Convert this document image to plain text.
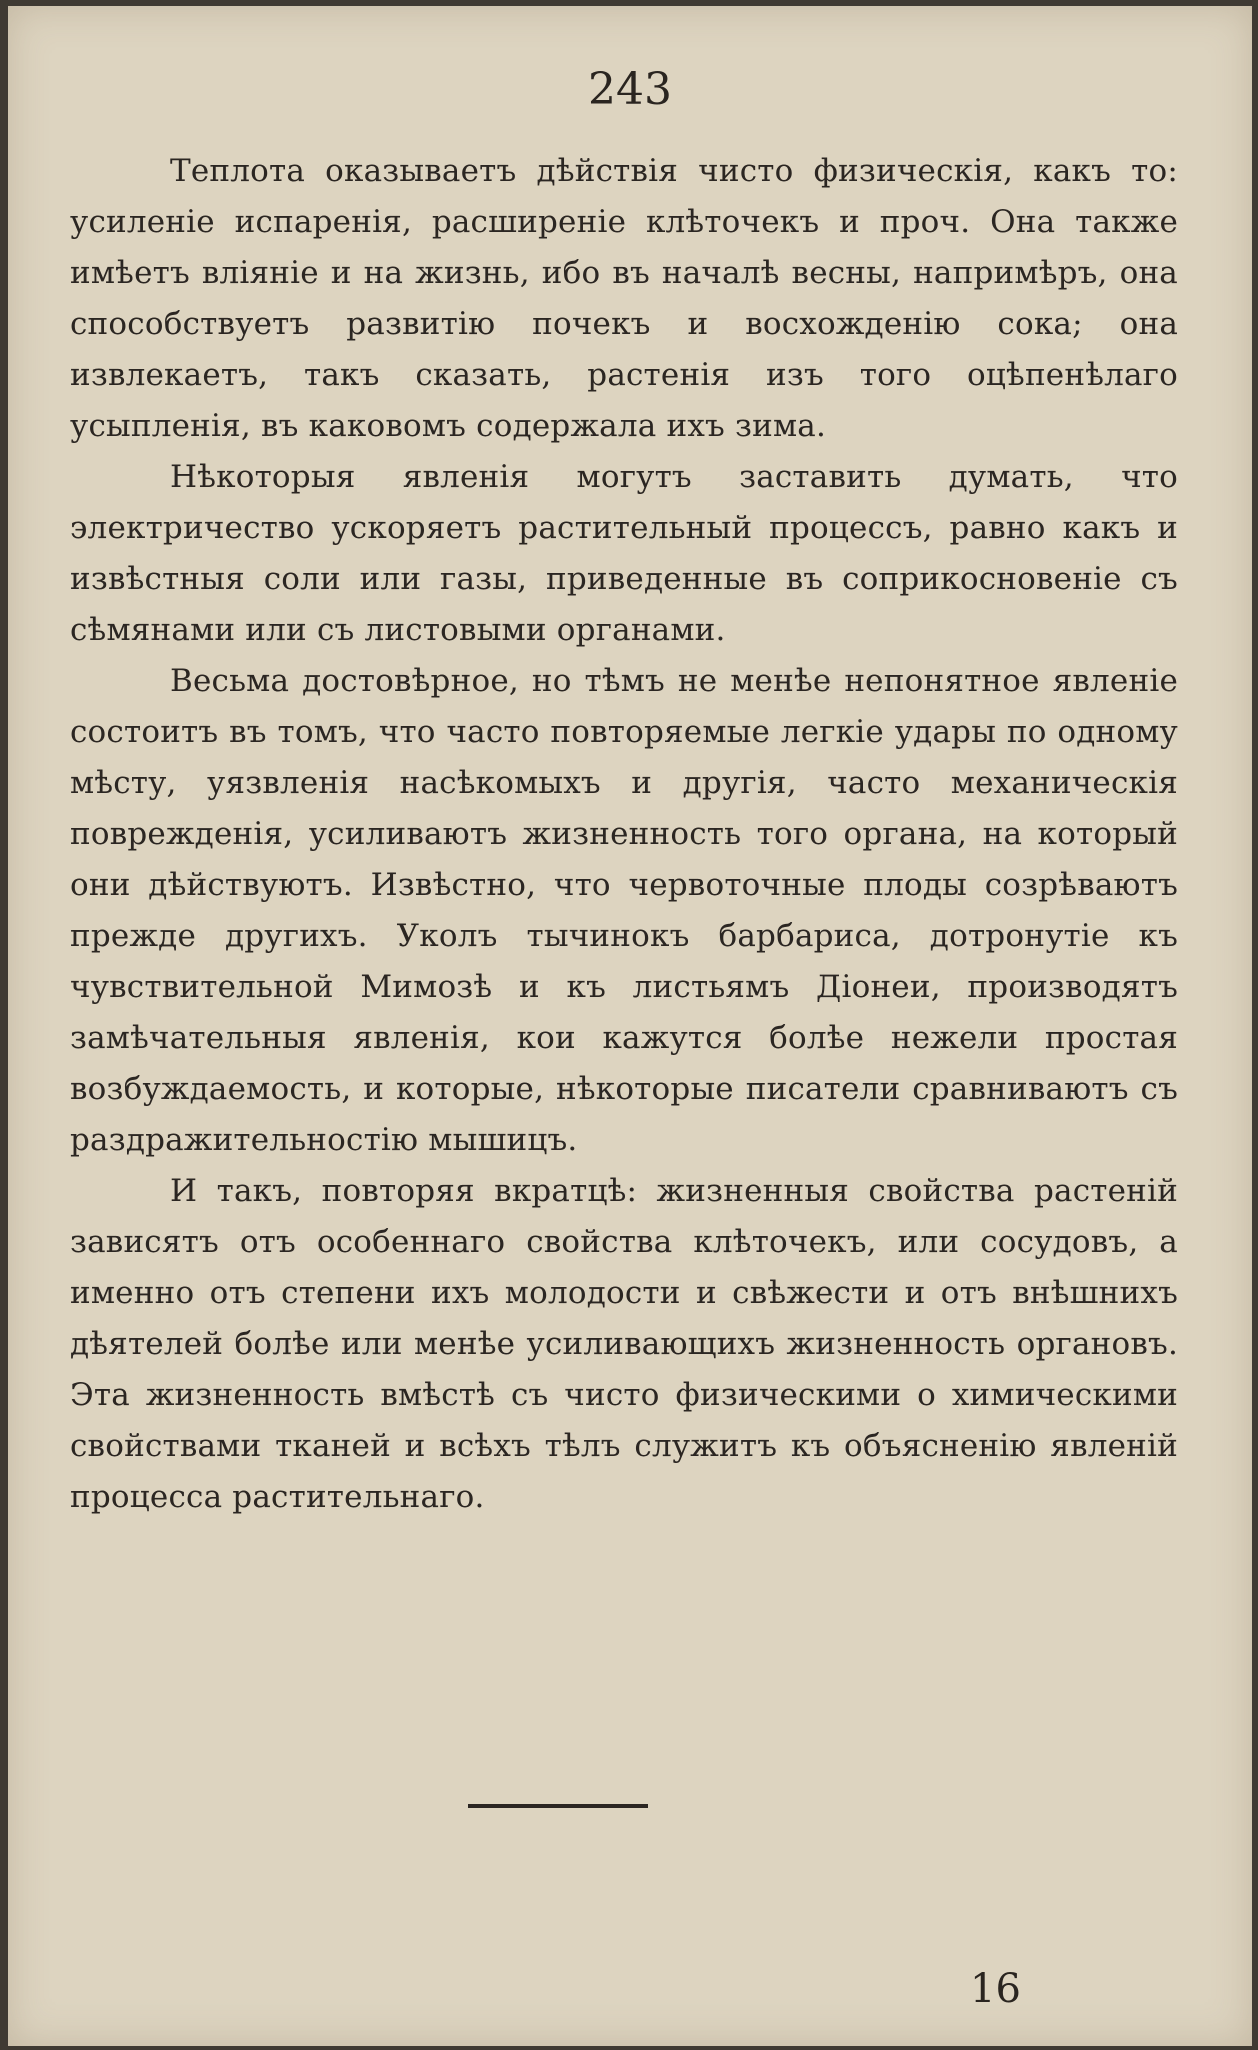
243

Теплота оказываетъ дѣйствія чисто физическія, какъ то: усиленіе испаренія, расширеніе клѣточекъ и проч. Она также имѣетъ вліяніе и на жизнь, ибо въ началѣ весны, напримѣръ, она способствуетъ развитію почекъ и восхожденію сока; она извлекаетъ, такъ сказать, растенія изъ того оцѣпенѣлаго усыпленія, въ каковомъ содержала ихъ зима.

Нѣкоторыя явленія могутъ заставить думать, что электричество ускоряетъ растительный процессъ, равно какъ и извѣстныя соли или газы, приведенные въ соприкосновеніе съ сѣмянами или съ листовыми органами.

Весьма достовѣрное, но тѣмъ не менѣе непонятное явленіе состоитъ въ томъ, что часто повторяемые легкіе удары по одному мѣсту, уязвленія насѣкомыхъ и другія, часто механическія поврежденія, усиливаютъ жизненность того органа, на который они дѣйствуютъ. Извѣстно, что червоточные плоды созрѣваютъ прежде другихъ. Уколъ тычинокъ барбариса, дотронутіе къ чувствительной Мимозѣ и къ листьямъ Діонеи, производятъ замѣчательныя явленія, кои кажутся болѣе нежели простая возбуждаемость, и которые, нѣкоторые писатели сравниваютъ съ раздражительностію мышицъ.

И такъ, повторяя вкратцѣ: жизненныя свойства растеній зависятъ отъ особеннаго свойства клѣточекъ, или сосудовъ, а именно отъ степени ихъ молодости и свѣжести и отъ внѣшнихъ дѣятелей болѣе или менѣе усиливающихъ жизненность органовъ. Эта жизненность вмѣстѣ съ чисто физическими о химическими свойствами тканей и всѣхъ тѣлъ служитъ къ объясненію явленій процесса растительнаго.

16
